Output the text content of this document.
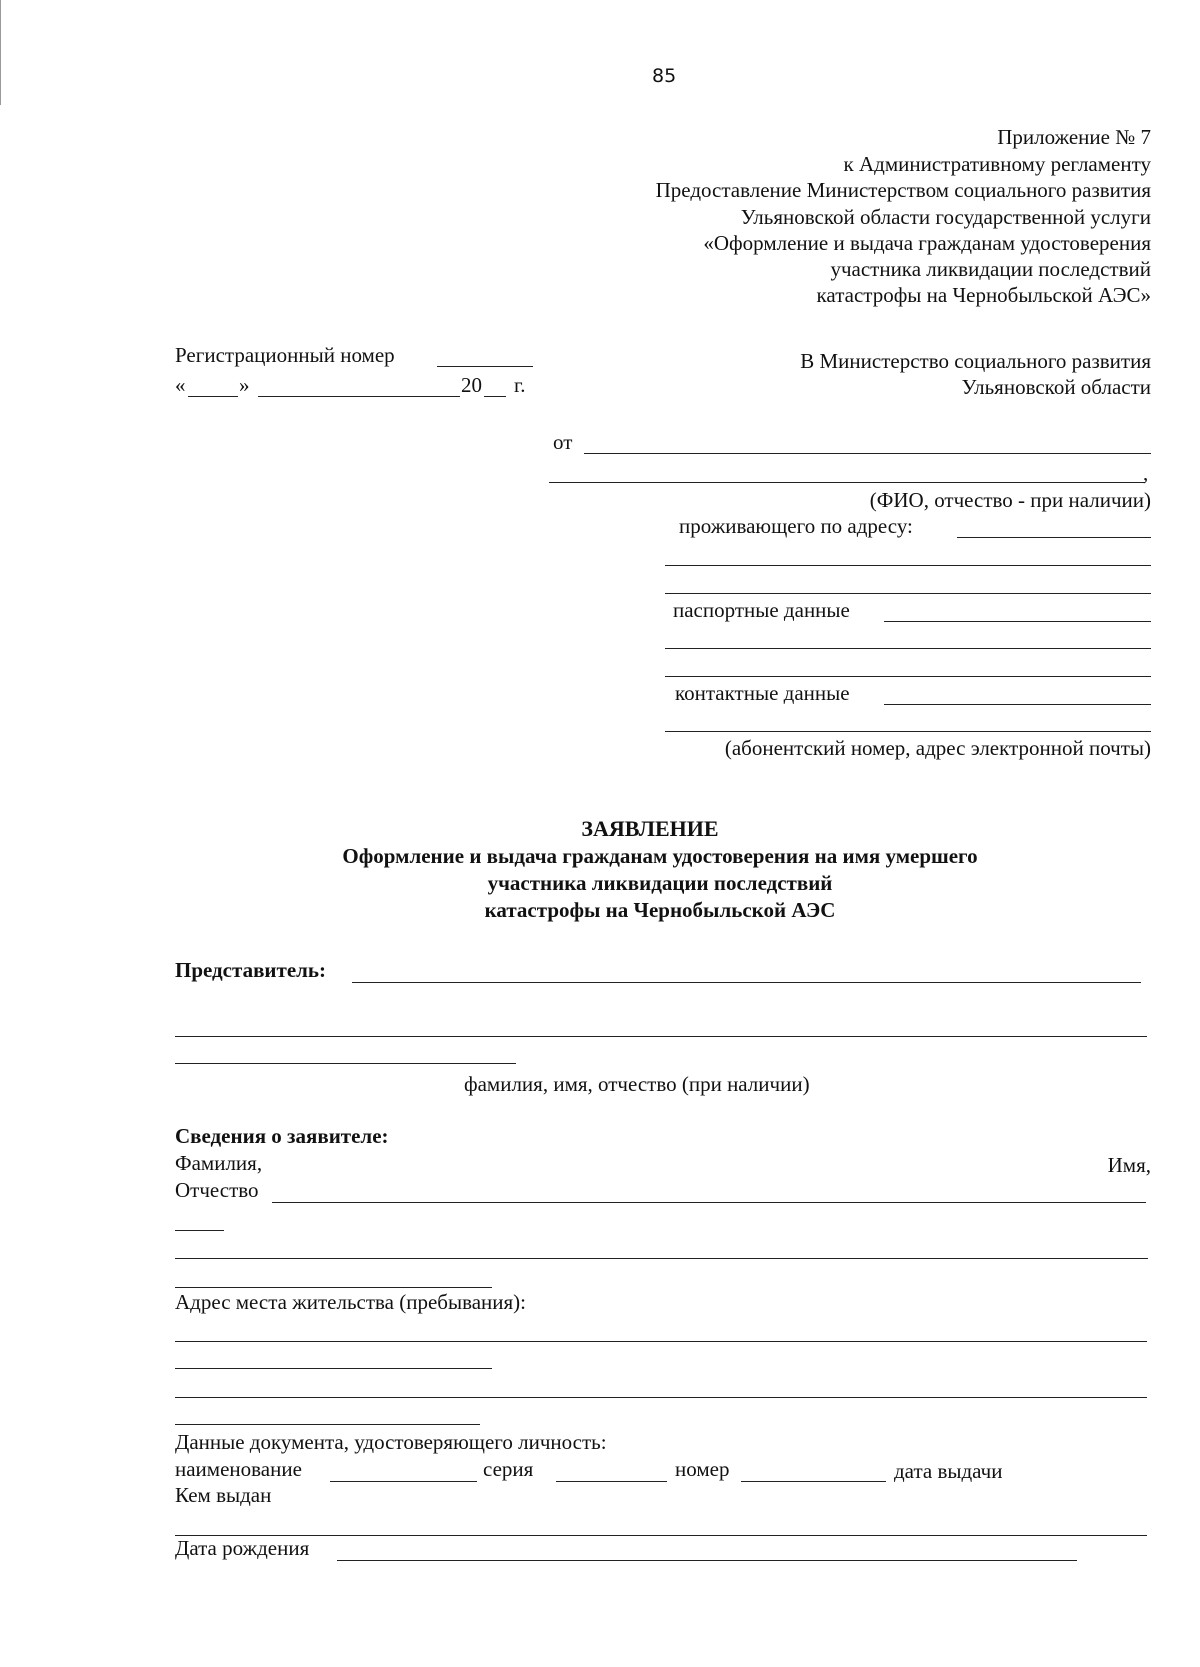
85
Приложение № 7
к Административному регламенту
Предоставление Министерством социального развития
Ульяновской области государственной услуги
«Оформление и выдача гражданам удостоверения
участника ликвидации последствий
катастрофы на Чернобыльской АЭС»
Регистрационный номер
«	»	20 г.
В Министерство социального развития
Ульяновской области
от
,
(ФИО, отчество - при наличии)
проживающего по адресу:
паспортные данные
контактные данные
(абонентский номер, адрес электронной почты)
ЗАЯВЛЕНИЕ
Оформление и выдача гражданам удостоверения на имя умершего
участника ликвидации последствий
катастрофы на Чернобыльской АЭС
Представитель:
фамилия, имя, отчество (при наличии)
Сведения о заявителе:
Фамилия,	Имя,
Отчество
Адрес места жительства (пребывания):
Данные документа, удостоверяющего личность:
наименование	серия	номер	дата выдачи
Кем выдан
Дата рождения
